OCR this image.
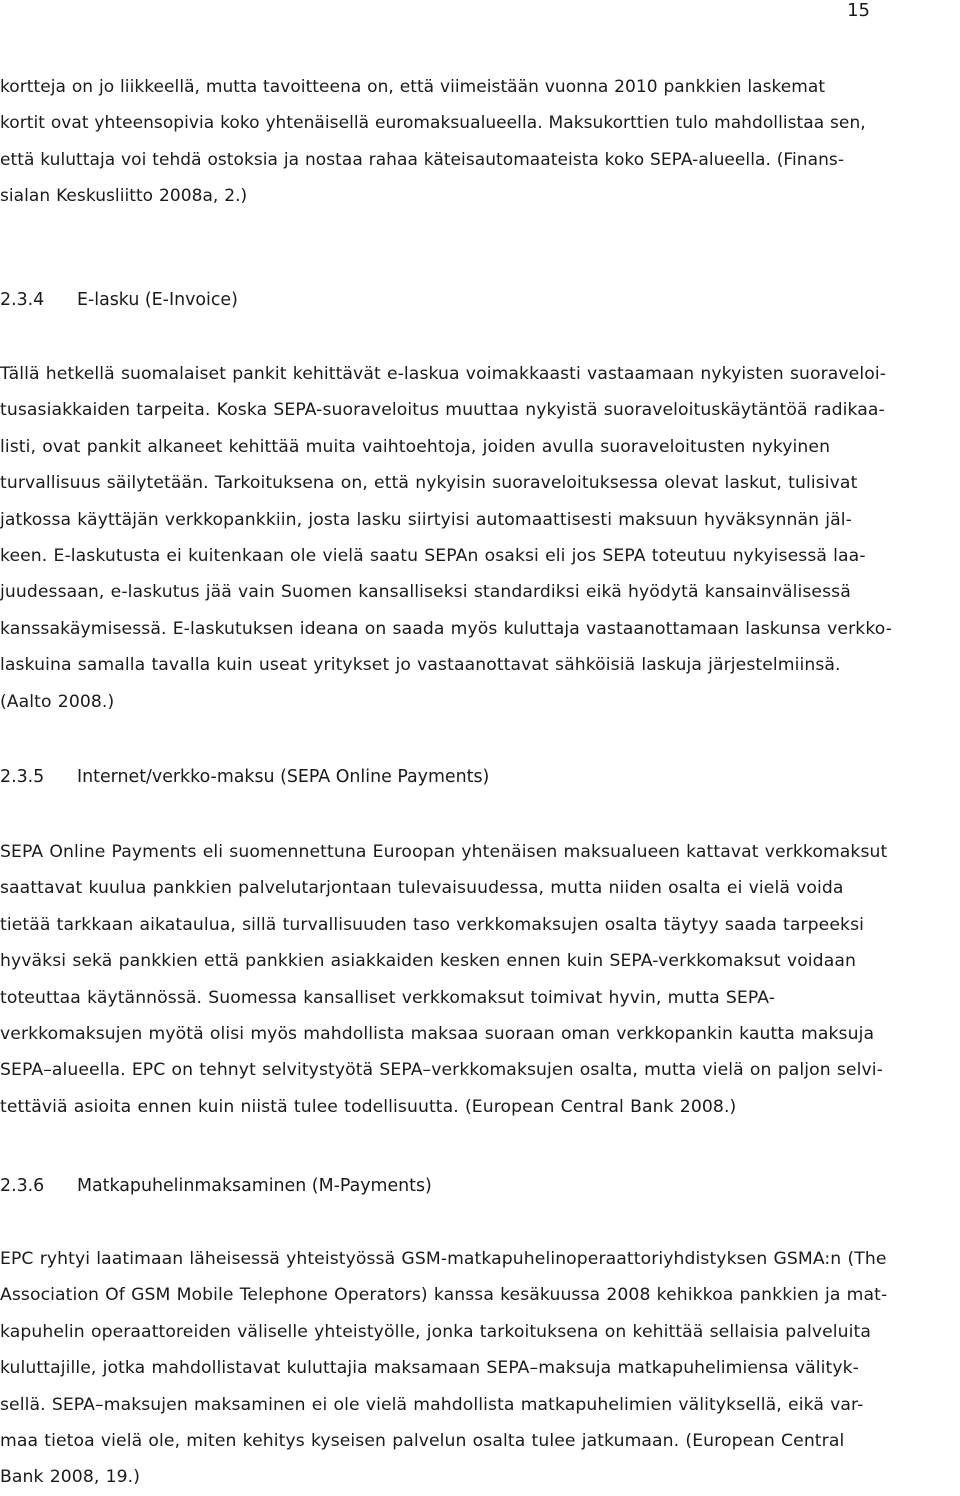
15
kortteja on jo liikkeellä, mutta tavoitteena on, että viimeistään vuonna 2010 pankkien laskemat
kortit ovat yhteensopivia koko yhtenäisellä euromaksualueella. Maksukorttien tulo mahdollistaa sen,
että kuluttaja voi tehdä ostoksia ja nostaa rahaa käteisautomaateista koko SEPA-alueella. (Finans-
sialan Keskusliitto 2008a, 2.)
2.3.4 E-lasku (E-Invoice)
Tällä hetkellä suomalaiset pankit kehittävät e-laskua voimakkaasti vastaamaan nykyisten suoraveloi-
tusasiakkaiden tarpeita. Koska SEPA-suoraveloitus muuttaa nykyistä suoraveloituskäytäntöä radikaa-
listi, ovat pankit alkaneet kehittää muita vaihtoehtoja, joiden avulla suoraveloitusten nykyinen
turvallisuus säilytetään. Tarkoituksena on, että nykyisin suoraveloituksessa olevat laskut, tulisivat
jatkossa käyttäjän verkkopankkiin, josta lasku siirtyisi automaattisesti maksuun hyväksynnän jäl-
keen. E-laskutusta ei kuitenkaan ole vielä saatu SEPAn osaksi eli jos SEPA toteutuu nykyisessä laa-
juudessaan, e-laskutus jää vain Suomen kansalliseksi standardiksi eikä hyödytä kansainvälisessä
kanssakäymisessä. E-laskutuksen ideana on saada myös kuluttaja vastaanottamaan laskunsa verkko-
laskuina samalla tavalla kuin useat yritykset jo vastaanottavat sähköisiä laskuja järjestelmiinsä.
(Aalto 2008.)
2.3.5 Internet/verkko-maksu (SEPA Online Payments)
SEPA Online Payments eli suomennettuna Euroopan yhtenäisen maksualueen kattavat verkkomaksut
saattavat kuulua pankkien palvelutarjontaan tulevaisuudessa, mutta niiden osalta ei vielä voida
tietää tarkkaan aikataulua, sillä turvallisuuden taso verkkomaksujen osalta täytyy saada tarpeeksi
hyväksi sekä pankkien että pankkien asiakkaiden kesken ennen kuin SEPA-verkkomaksut voidaan
toteuttaa käytännössä. Suomessa kansalliset verkkomaksut toimivat hyvin, mutta SEPA-
verkkomaksujen myötä olisi myös mahdollista maksaa suoraan oman verkkopankin kautta maksuja
SEPA–alueella. EPC on tehnyt selvitystyötä SEPA–verkkomaksujen osalta, mutta vielä on paljon selvi-
tettäviä asioita ennen kuin niistä tulee todellisuutta. (European Central Bank 2008.)
2.3.6 Matkapuhelinmaksaminen (M-Payments)
EPC ryhtyi laatimaan läheisessä yhteistyössä GSM-matkapuhelinoperaattoriyhdistyksen GSMA:n (The
Association Of GSM Mobile Telephone Operators) kanssa kesäkuussa 2008 kehikkoa pankkien ja mat-
kapuhelin operaattoreiden väliselle yhteistyölle, jonka tarkoituksena on kehittää sellaisia palveluita
kuluttajille, jotka mahdollistavat kuluttajia maksamaan SEPA–maksuja matkapuhelimiensa välityk-
sellä. SEPA–maksujen maksaminen ei ole vielä mahdollista matkapuhelimien välityksellä, eikä var-
maa tietoa vielä ole, miten kehitys kyseisen palvelun osalta tulee jatkumaan. (European Central
Bank 2008, 19.)
